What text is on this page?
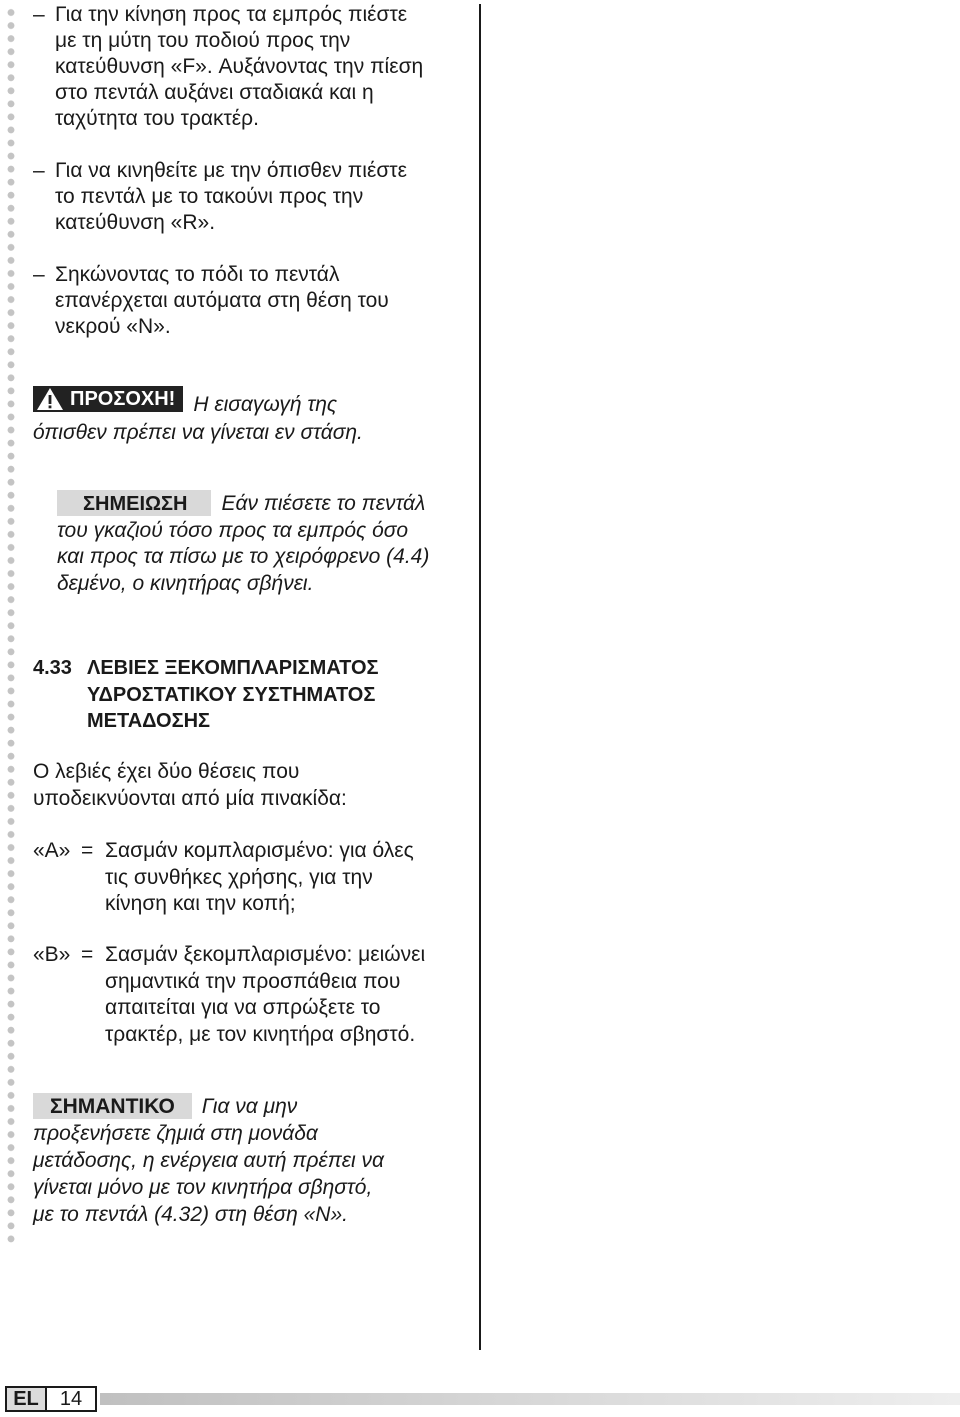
– Για την κίνηση προς τα εμπρός πιέστε
με τη μύτη του ποδιού προς την
κατεύθυνση «F». Αυξάνοντας την πίεση
στο πεντάλ αυξάνει σταδιακά και η
ταχύτητα του τρακτέρ.
– Για να κινηθείτε με την όπισθεν πιέστε
το πεντάλ με το τακούνι προς την
κατεύθυνση «R».
– Σηκώνοντας το πόδι το πεντάλ
επανέρχεται αυτόματα στη θέση του
νεκρού «N».
ΠΡΟΣΟΧΗ! Η εισαγωγή της
όπισθεν πρέπει να γίνεται εν στάση.
ΣΗΜΕΙΩΣΗ Εάν πιέσετε το πεντάλ
του γκαζιού τόσο προς τα εμπρός όσο
και προς τα πίσω με το χειρόφρενο (4.4)
δεμένο, ο κινητήρας σβήνει.
4.33 ΛΕΒΙΕΣ ΞΕΚΟΜΠΛΑΡΙΣΜΑΤΟΣ
ΥΔΡΟΣΤΑΤΙΚΟΥ ΣΥΣΤΗΜΑΤΟΣ
ΜΕΤΑΔΟΣΗΣ
Ο λεβιές έχει δύο θέσεις που
υποδεικνύονται από μία πινακίδα:
«A» = Σασμάν κομπλαρισμένο: για όλες
τις συνθήκες χρήσης, για την
κίνηση και την κοπή;
«B» = Σασμάν ξεκομπλαρισμένο: μειώνει
σημαντικά την προσπάθεια που
απαιτείται για να σπρώξετε το
τρακτέρ, με τον κινητήρα σβηστό.
ΣΗΜΑΝΤΙΚΟ Για να μην
προξενήσετε ζημιά στη μονάδα
μετάδοσης, η ενέργεια αυτή πρέπει να
γίνεται μόνο με τον κινητήρα σβηστό,
με το πεντάλ (4.32) στη θέση «N».
EL	14
